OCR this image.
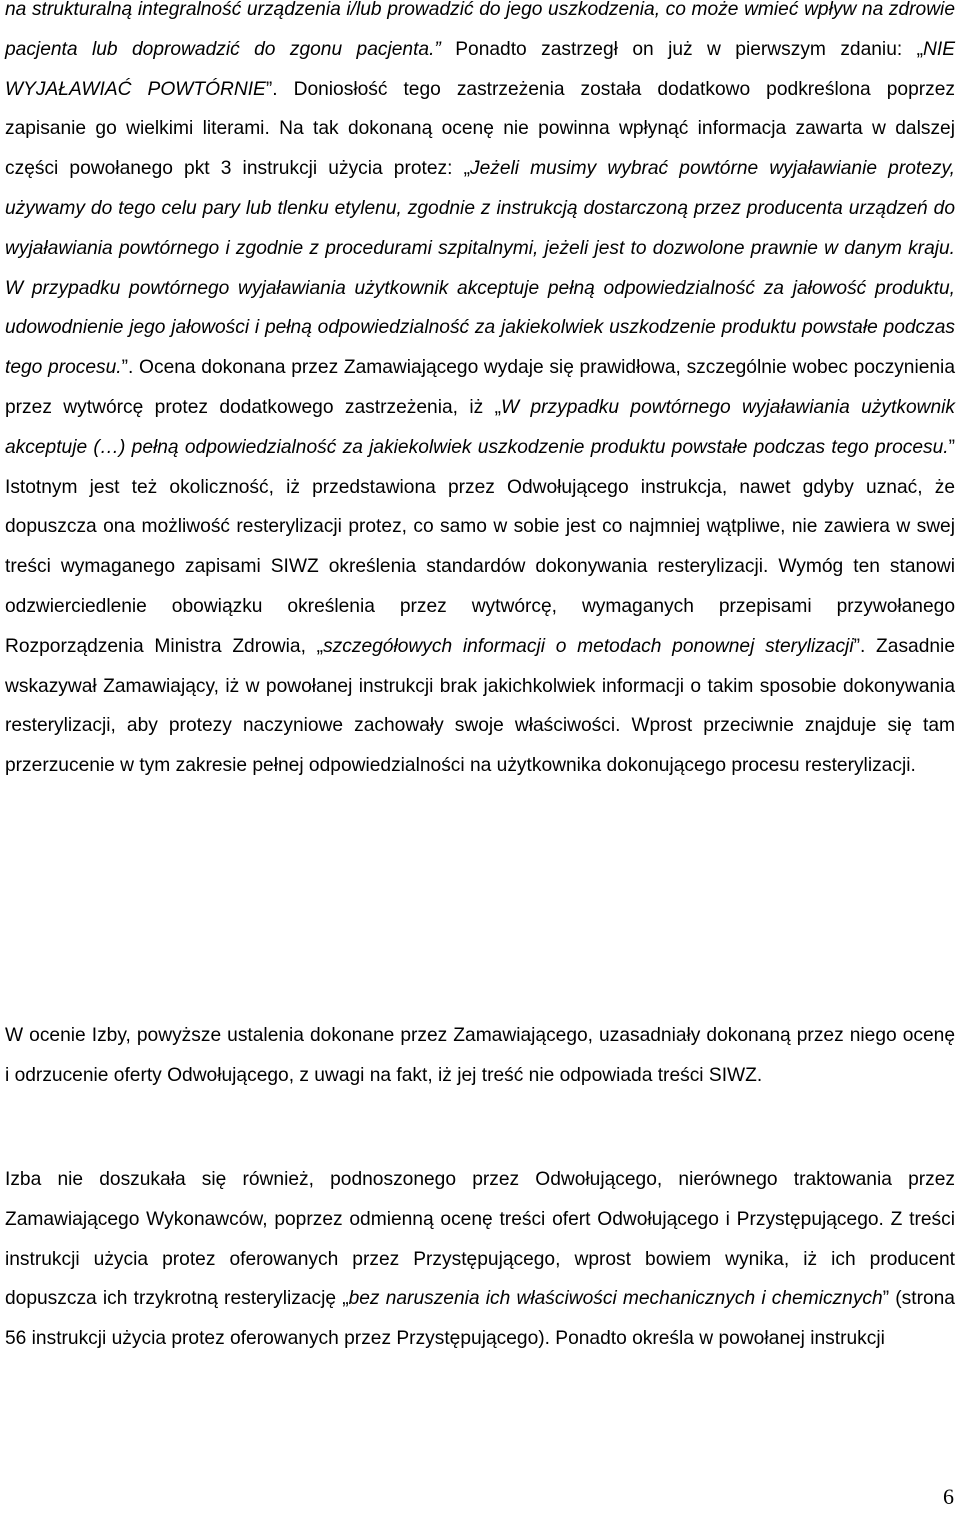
na strukturalną integralność urządzenia i/lub prowadzić do jego uszkodzenia, co może wmieć wpływ na zdrowie pacjenta lub doprowadzić do zgonu pacjenta.” Ponadto zastrzegł on już w pierwszym zdaniu: „NIE WYJAŁAWIAĆ POWTÓRNIE”. Doniosłość tego zastrzeżenia została dodatkowo podkreślona poprzez zapisanie go wielkimi literami. Na tak dokonaną ocenę nie powinna wpłynąć informacja zawarta w dalszej części powołanego pkt 3 instrukcji użycia protez: „Jeżeli musimy wybrać powtórne wyjaławianie protezy, używamy do tego celu pary lub tlenku etylenu, zgodnie z instrukcją dostarczoną przez producenta urządzeń do wyjaławiania powtórnego i zgodnie z procedurami szpitalnymi, jeżeli jest to dozwolone prawnie w danym kraju. W przypadku powtórnego wyjaławiania użytkownik akceptuje pełną odpowiedzialność za jałowość produktu, udowodnienie jego jałowości i pełną odpowiedzialność za jakiekolwiek uszkodzenie produktu powstałe podczas tego procesu.”. Ocena dokonana przez Zamawiającego wydaje się prawidłowa, szczególnie wobec poczynienia przez wytwórcę protez dodatkowego zastrzeżenia, iż „W przypadku powtórnego wyjaławiania użytkownik akceptuje (…) pełną odpowiedzialność za jakiekolwiek uszkodzenie produktu powstałe podczas tego procesu.” Istotnym jest też okoliczność, iż przedstawiona przez Odwołującego instrukcja, nawet gdyby uznać, że dopuszcza ona możliwość resterylizacji protez, co samo w sobie jest co najmniej wątpliwe, nie zawiera w swej treści wymaganego zapisami SIWZ określenia standardów dokonywania resterylizacji. Wymóg ten stanowi odzwierciedlenie obowiązku określenia przez wytwórcę, wymaganych przepisami przywołanego Rozporządzenia Ministra Zdrowia, „szczegółowych informacji o metodach ponownej sterylizacji”. Zasadnie wskazywał Zamawiający, iż w powołanej instrukcji brak jakichkolwiek informacji o takim sposobie dokonywania resterylizacji, aby protezy naczyniowe zachowały swoje właściwości. Wprost przeciwnie znajduje się tam przerzucenie w tym zakresie pełnej odpowiedzialności na użytkownika dokonującego procesu resterylizacji.

W ocenie Izby, powyższe ustalenia dokonane przez Zamawiającego, uzasadniały dokonaną przez niego ocenę i odrzucenie oferty Odwołującego, z uwagi na fakt, iż jej treść nie odpowiada treści SIWZ.

Izba nie doszukała się również, podnoszonego przez Odwołującego, nierównego traktowania przez Zamawiającego Wykonawców, poprzez odmienną ocenę treści ofert Odwołującego i Przystępującego. Z treści instrukcji użycia protez oferowanych przez Przystępującego, wprost bowiem wynika, iż ich producent dopuszcza ich trzykrotną resterylizację „bez naruszenia ich właściwości mechanicznych i chemicznych” (strona 56 instrukcji użycia protez oferowanych przez Przystępującego). Ponadto określa w powołanej instrukcji

6
